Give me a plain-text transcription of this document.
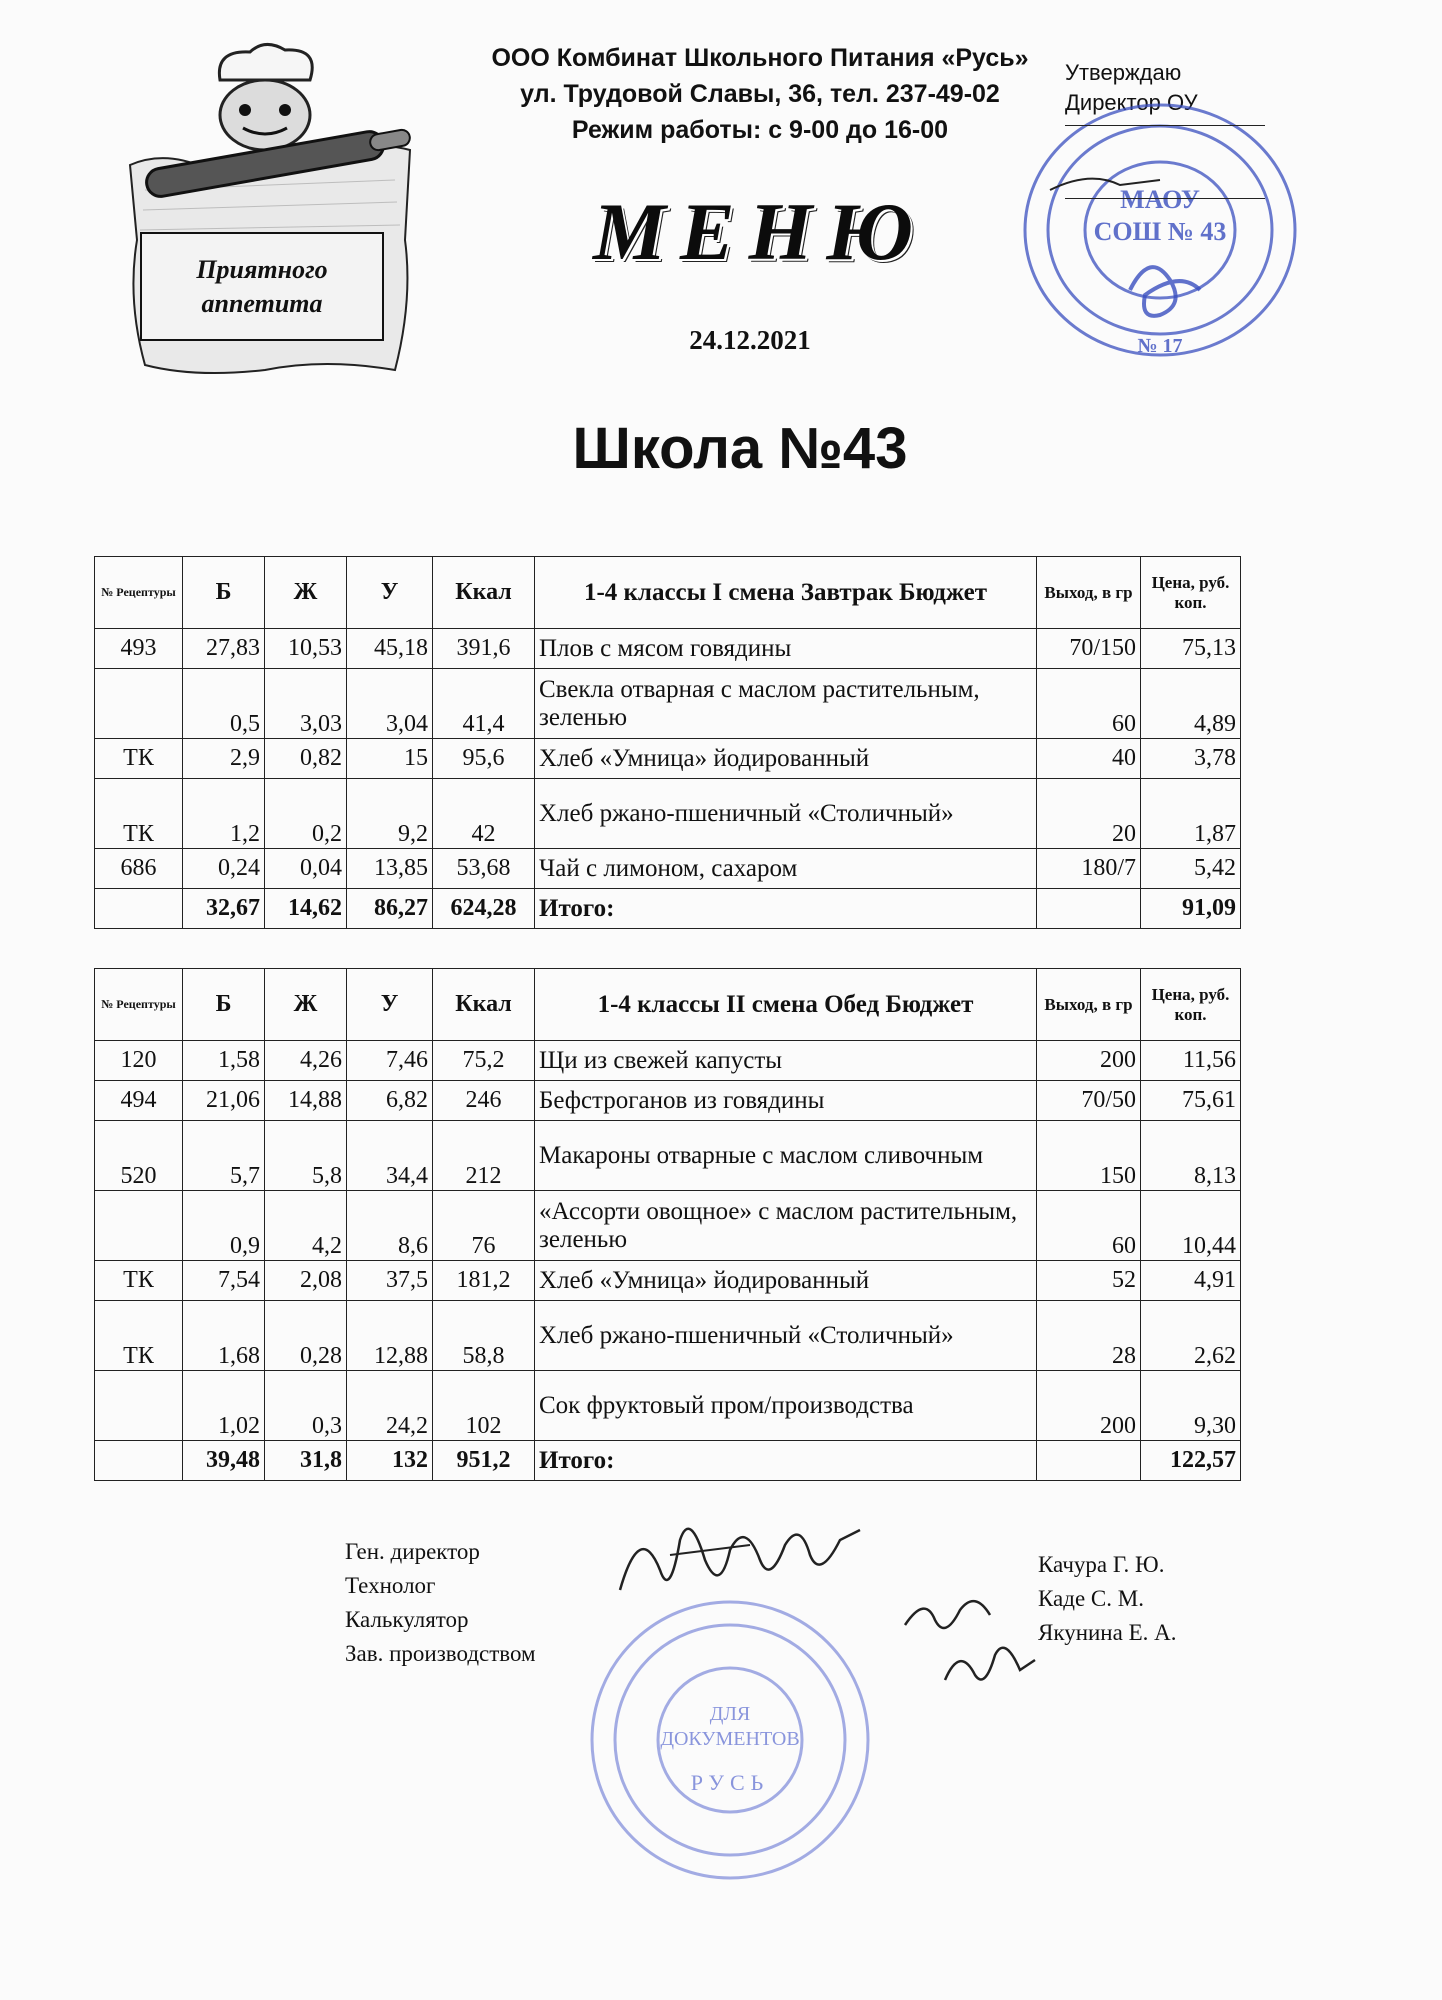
Приятного
аппетита
ООО Комбинат Школьного Питания «Русь»
ул. Трудовой Славы, 36, тел. 237-49-02
Режим работы: с 9-00 до 16-00
Утверждаю
Директор ОУ
МАОУ
СОШ № 43
№ 17
МЕНЮ
24.12.2021
Школа №43
№ Рецептуры	Б	Ж	У	Ккал	1-4 классы I смена Завтрак Бюджет	Выход, в гр	Цена, руб. коп.
493	27,83	10,53	45,18	391,6	Плов с мясом говядины	70/150	75,13
	0,5	3,03	3,04	41,4	Свекла отварная с маслом растительным, зеленью	60	4,89
ТК	2,9	0,82	15	95,6	Хлеб «Умница» йодированный	40	3,78
ТК	1,2	0,2	9,2	42	Хлеб ржано-пшеничный «Столичный»	20	1,87
686	0,24	0,04	13,85	53,68	Чай с лимоном, сахаром	180/7	5,42
	32,67	14,62	86,27	624,28	Итого:		91,09
№ Рецептуры	Б	Ж	У	Ккал	1-4 классы II смена Обед Бюджет	Выход, в гр	Цена, руб. коп.
120	1,58	4,26	7,46	75,2	Щи из свежей капусты	200	11,56
494	21,06	14,88	6,82	246	Бефстроганов из говядины	70/50	75,61
520	5,7	5,8	34,4	212	Макароны отварные с маслом сливочным	150	8,13
	0,9	4,2	8,6	76	«Ассорти овощное» с маслом растительным, зеленью	60	10,44
ТК	7,54	2,08	37,5	181,2	Хлеб «Умница» йодированный	52	4,91
ТК	1,68	0,28	12,88	58,8	Хлеб ржано-пшеничный «Столичный»	28	2,62
	1,02	0,3	24,2	102	Сок фруктовый пром/производства	200	9,30
	39,48	31,8	132	951,2	Итого:		122,57
Ген. директор
Технолог
Калькулятор
Зав. производством
Качура Г. Ю.
Каде С. М.
Якунина Е. А.
ДЛЯ
ДОКУМЕНТОВ
РУСЬ
